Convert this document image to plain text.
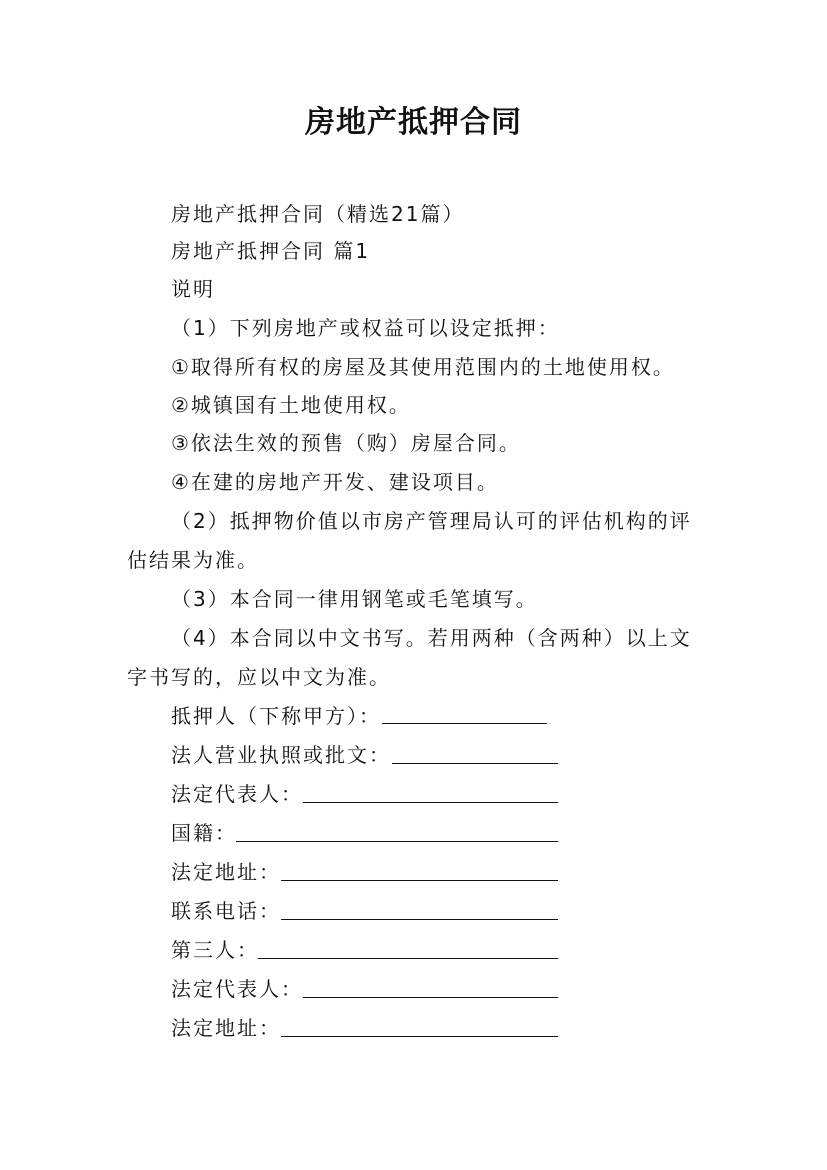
房地产抵押合同
房地产抵押合同（精选21篇）
房地产抵押合同 篇1
说明
（1）下列房地产或权益可以设定抵押：
①取得所有权的房屋及其使用范围内的土地使用权。
②城镇国有土地使用权。
③依法生效的预售（购）房屋合同。
④在建的房地产开发、建设项目。
（2）抵押物价值以市房产管理局认可的评估机构的评
估结果为准。
（3）本合同一律用钢笔或毛笔填写。
（4）本合同以中文书写。若用两种（含两种）以上文
字书写的，应以中文为准。
抵押人（下称甲方）：
法人营业执照或批文：
法定代表人：
国籍：
法定地址：
联系电话：
第三人：
法定代表人：
法定地址：
